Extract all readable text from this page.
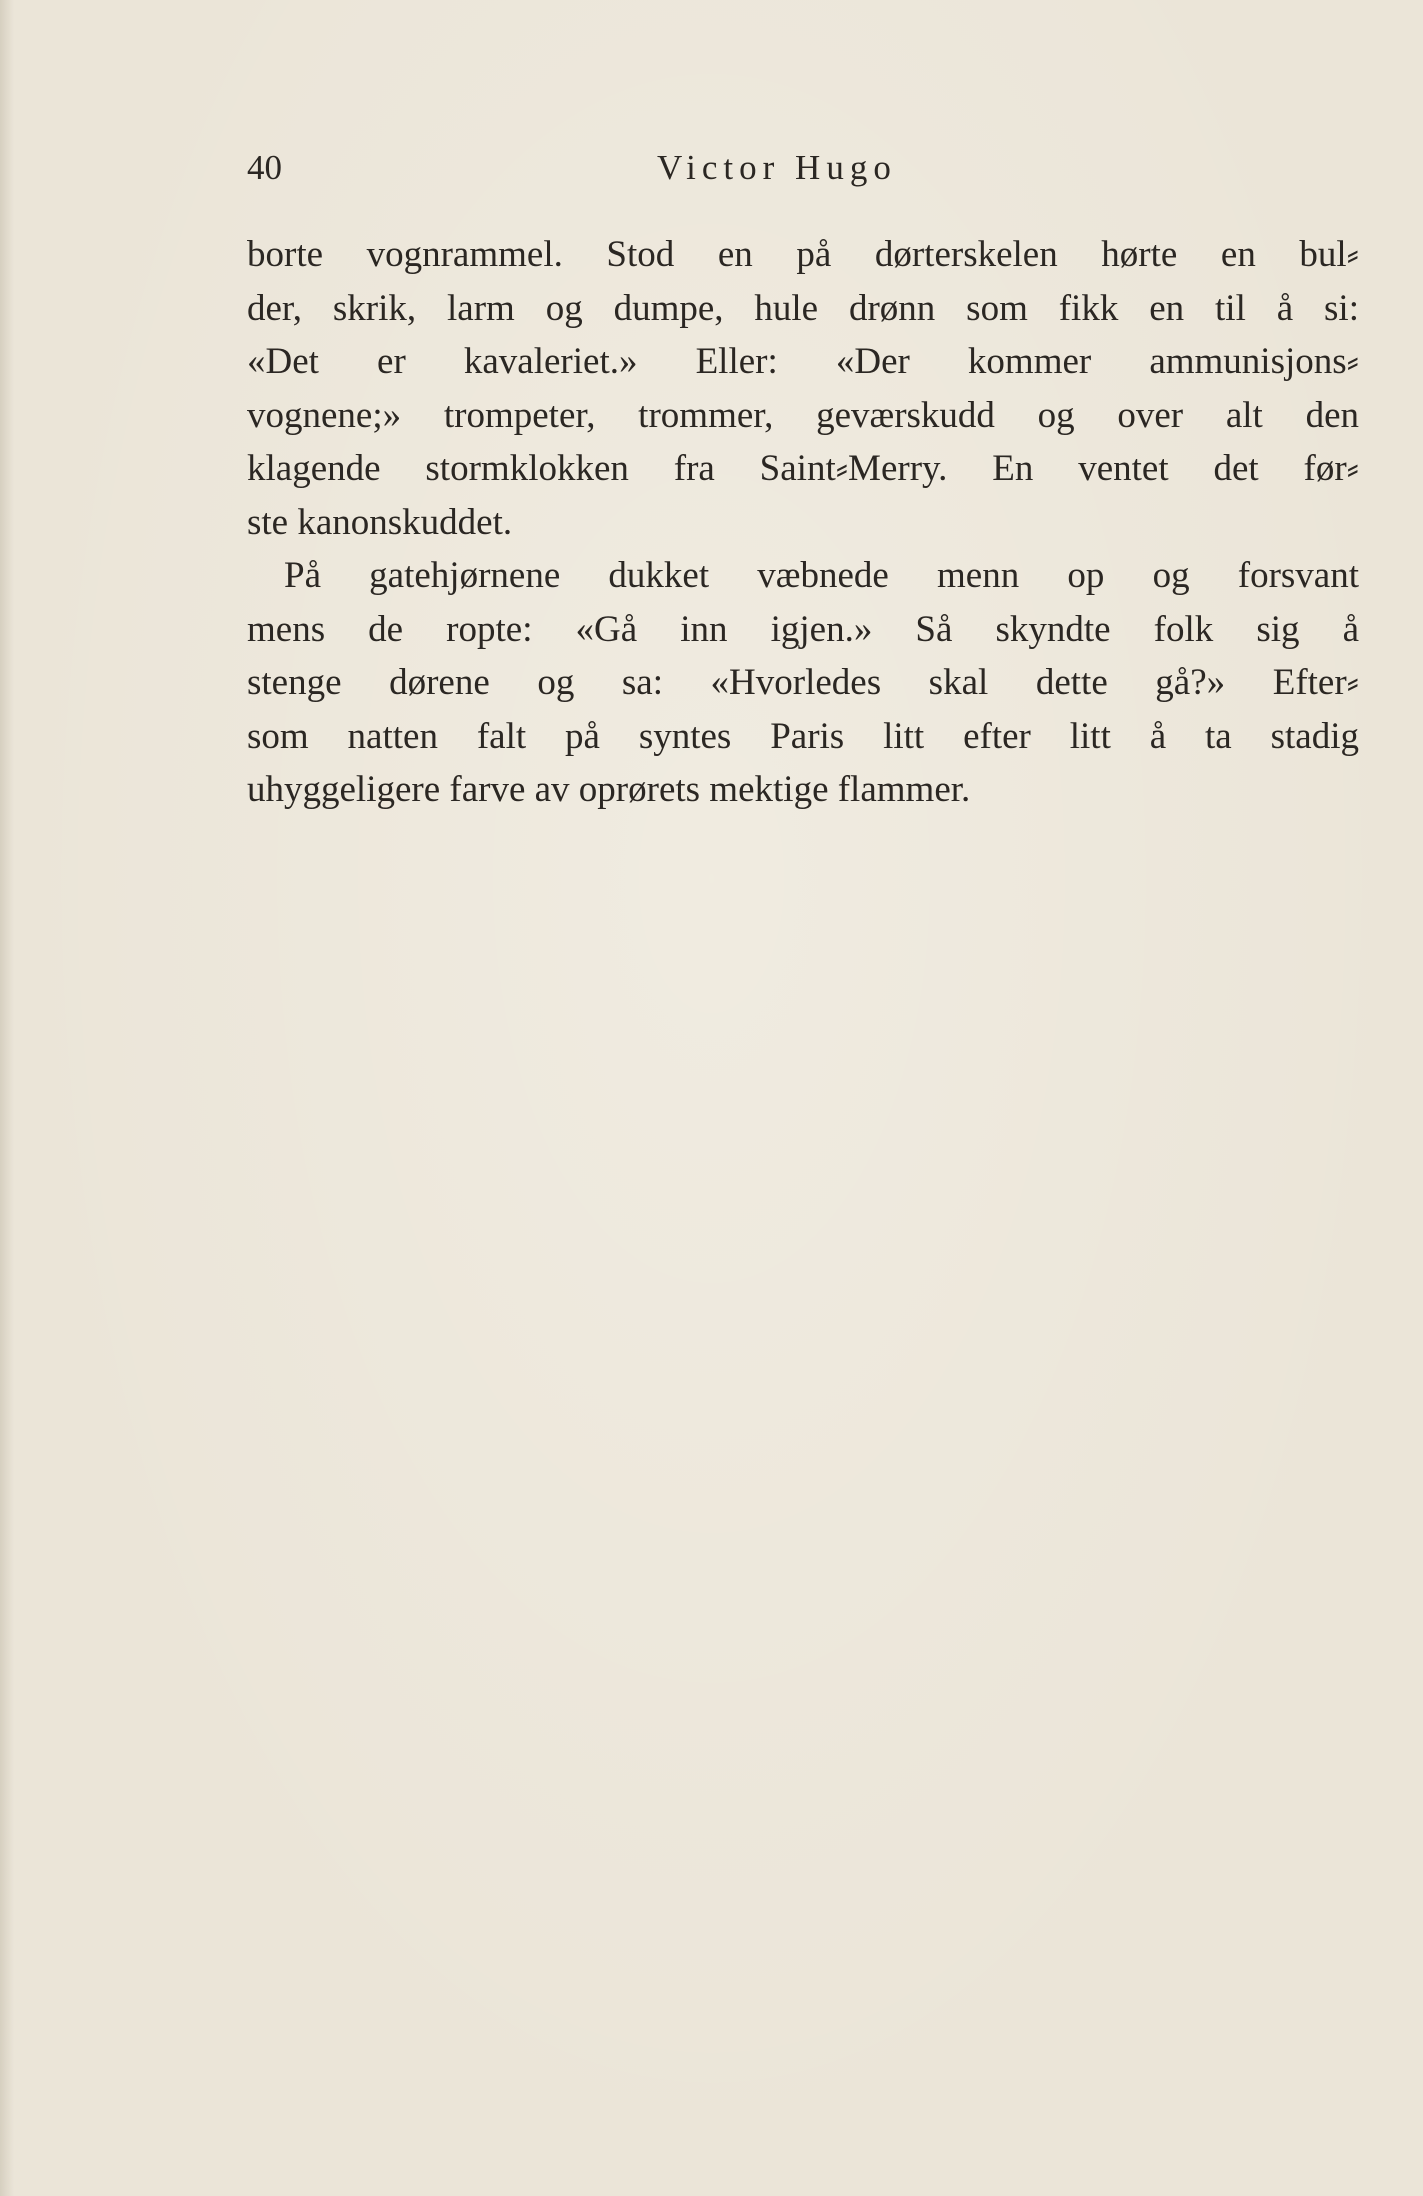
40	Victor Hugo
borte vognrammel. Stod en på dørterskelen hørte en bul⸗
der, skrik, larm og dumpe, hule drønn som fikk en til å si:
«Det er kavaleriet.» Eller: «Der kommer ammunisjons⸗
vognene;» trompeter, trommer, geværskudd og over alt den
klagende stormklokken fra Saint⸗Merry. En ventet det før⸗
ste kanonskuddet.
På gatehjørnene dukket væbnede menn op og forsvant
mens de ropte: «Gå inn igjen.» Så skyndte folk sig å
stenge dørene og sa: «Hvorledes skal dette gå?» Efter⸗
som natten falt på syntes Paris litt efter litt å ta stadig
uhyggeligere farve av oprørets mektige flammer.
